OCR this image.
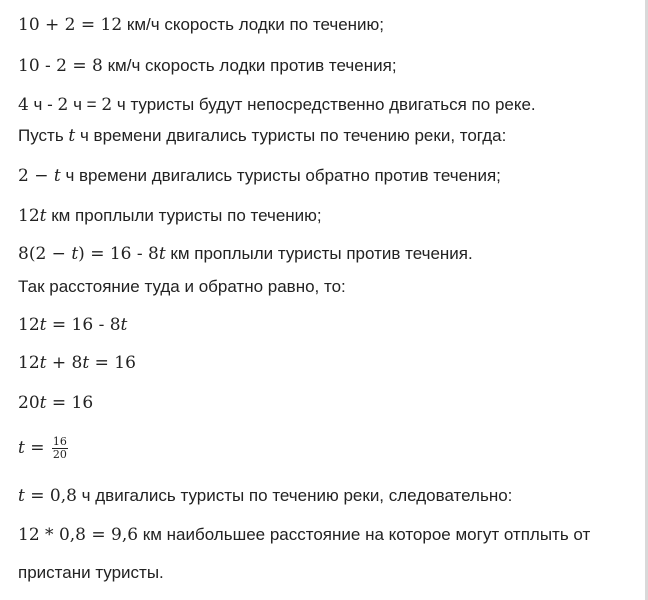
10 + 2 = 12 км/ч скорость лодки по течению;
10 - 2 = 8 км/ч скорость лодки против течения;
4 ч - 2 ч = 2 ч туристы будут непосредственно двигаться по реке.
Пусть t ч времени двигались туристы по течению реки, тогда:
2 − t ч времени двигались туристы обратно против течения;
12t км проплыли туристы по течению;
8(2 − t) = 16 - 8t км проплыли туристы против течения.
Так расстояние туда и обратно равно, то:
12t = 16 - 8t
12t + 8t = 16
20t = 16
$t = \frac{16}{20}$
t = 0,8 ч двигались туристы по течению реки, следовательно:
12 * 0,8 = 9,6 км наибольшее расстояние на которое могут отплыть от
пристани туристы.
